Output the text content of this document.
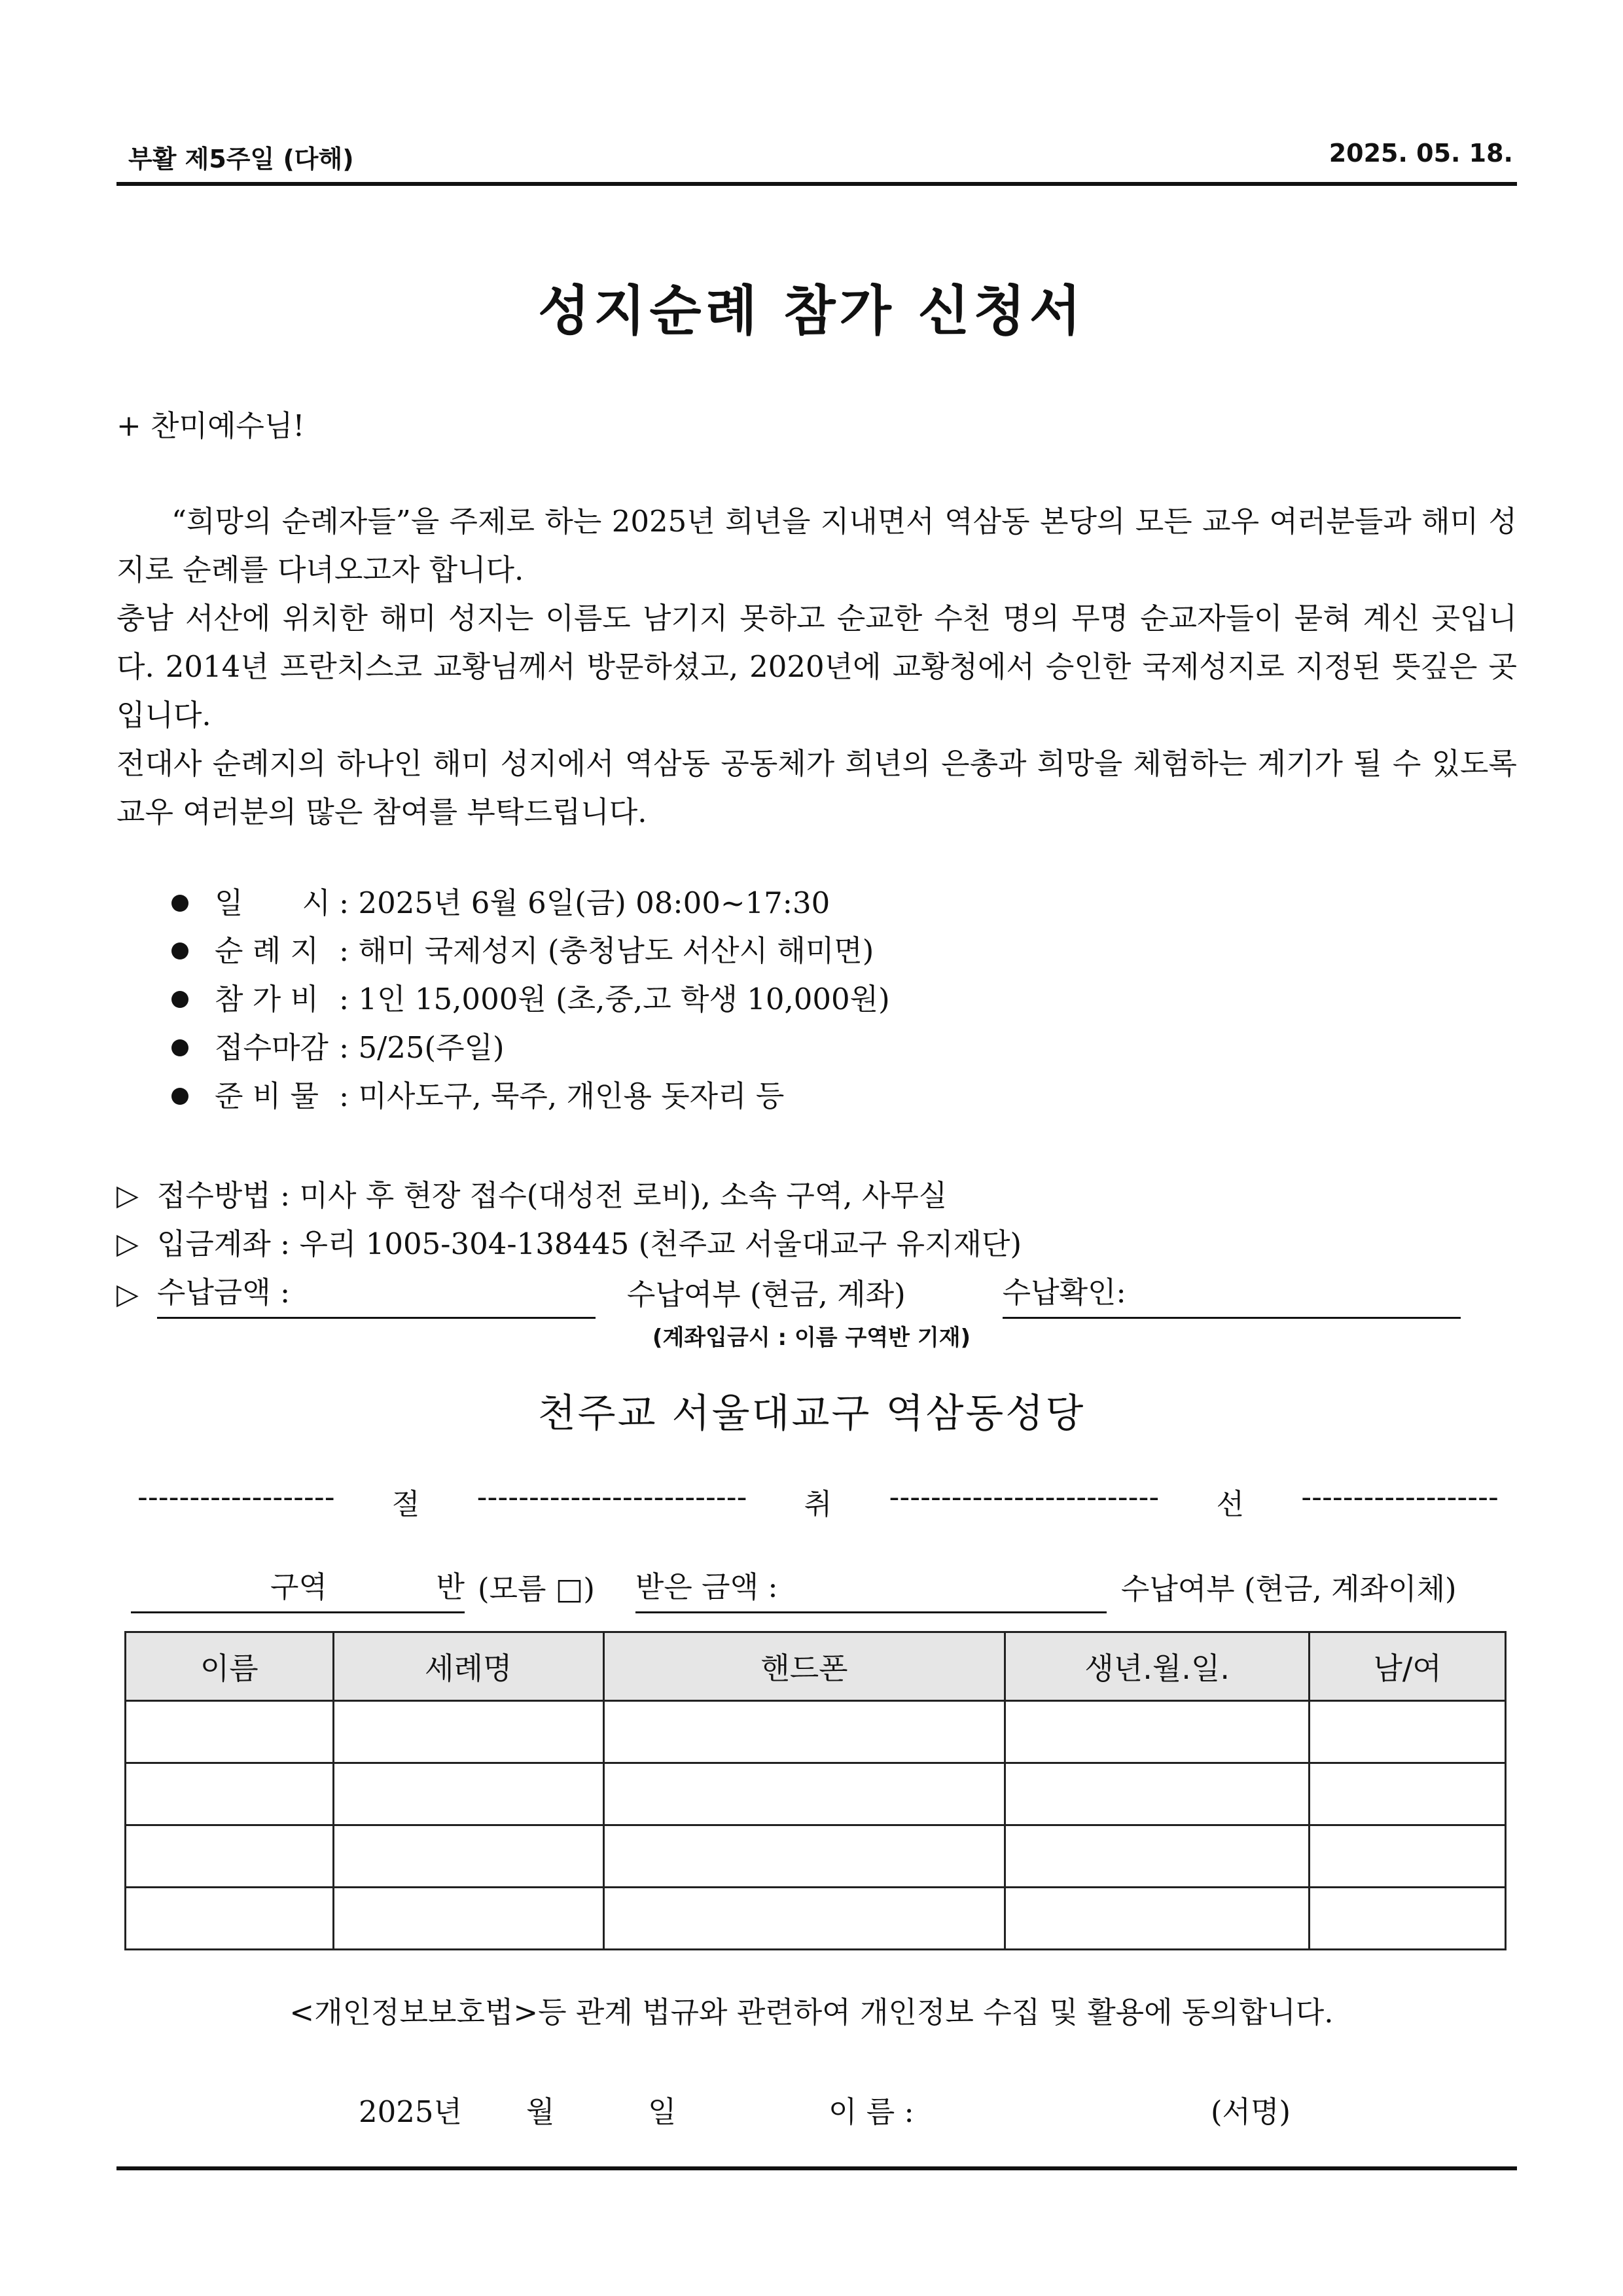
부활 제5주일 (다해)	2025. 05. 18.
성지순례 참가 신청서
+ 찬미예수님!
“희망의 순례자들”을 주제로 하는 2025년 희년을 지내면서 역삼동 본당의 모든 교우 여러분들과 해미 성지로 순례를 다녀오고자 합니다.
충남 서산에 위치한 해미 성지는 이름도 남기지 못하고 순교한 수천 명의 무명 순교자들이 묻혀 계신 곳입니다. 2014년 프란치스코 교황님께서 방문하셨고, 2020년에 교황청에서 승인한 국제성지로 지정된 뜻깊은 곳입니다.
전대사 순례지의 하나인 해미 성지에서 역삼동 공동체가 희년의 은총과 희망을 체험하는 계기가 될 수 있도록 교우 여러분의 많은 참여를 부탁드립니다.
일　　시 : 2025년 6월 6일(금) 08:00~17:30
순 례 지 : 해미 국제성지 (충청남도 서산시 해미면)
참 가 비 : 1인 15,000원 (초,중,고 학생 10,000원)
접수마감 : 5/25(주일)
준 비 물 : 미사도구, 묵주, 개인용 돗자리 등
▷ 접수방법 : 미사 후 현장 접수(대성전 로비), 소속 구역, 사무실
▷ 입금계좌 : 우리 1005-304-138445 (천주교 서울대교구 유지재단)
▷ 수납금액 :	수납여부 (현금, 계좌)	수납확인:
(계좌입금시 : 이름 구역반 기재)
천주교 서울대교구 역삼동성당
------------------- 절 -------------------------- 취 -------------------------- 선 -------------------
구역	반 (모름 □) 받은 금액 :	수납여부 (현금, 계좌이체)
이름	세례명	핸드폰	생년.월.일.	남/여

<개인정보보호법>등 관계 법규와 관련하여 개인정보 수집 및 활용에 동의합니다.
2025년 월	일	이 름 :	(서명)
